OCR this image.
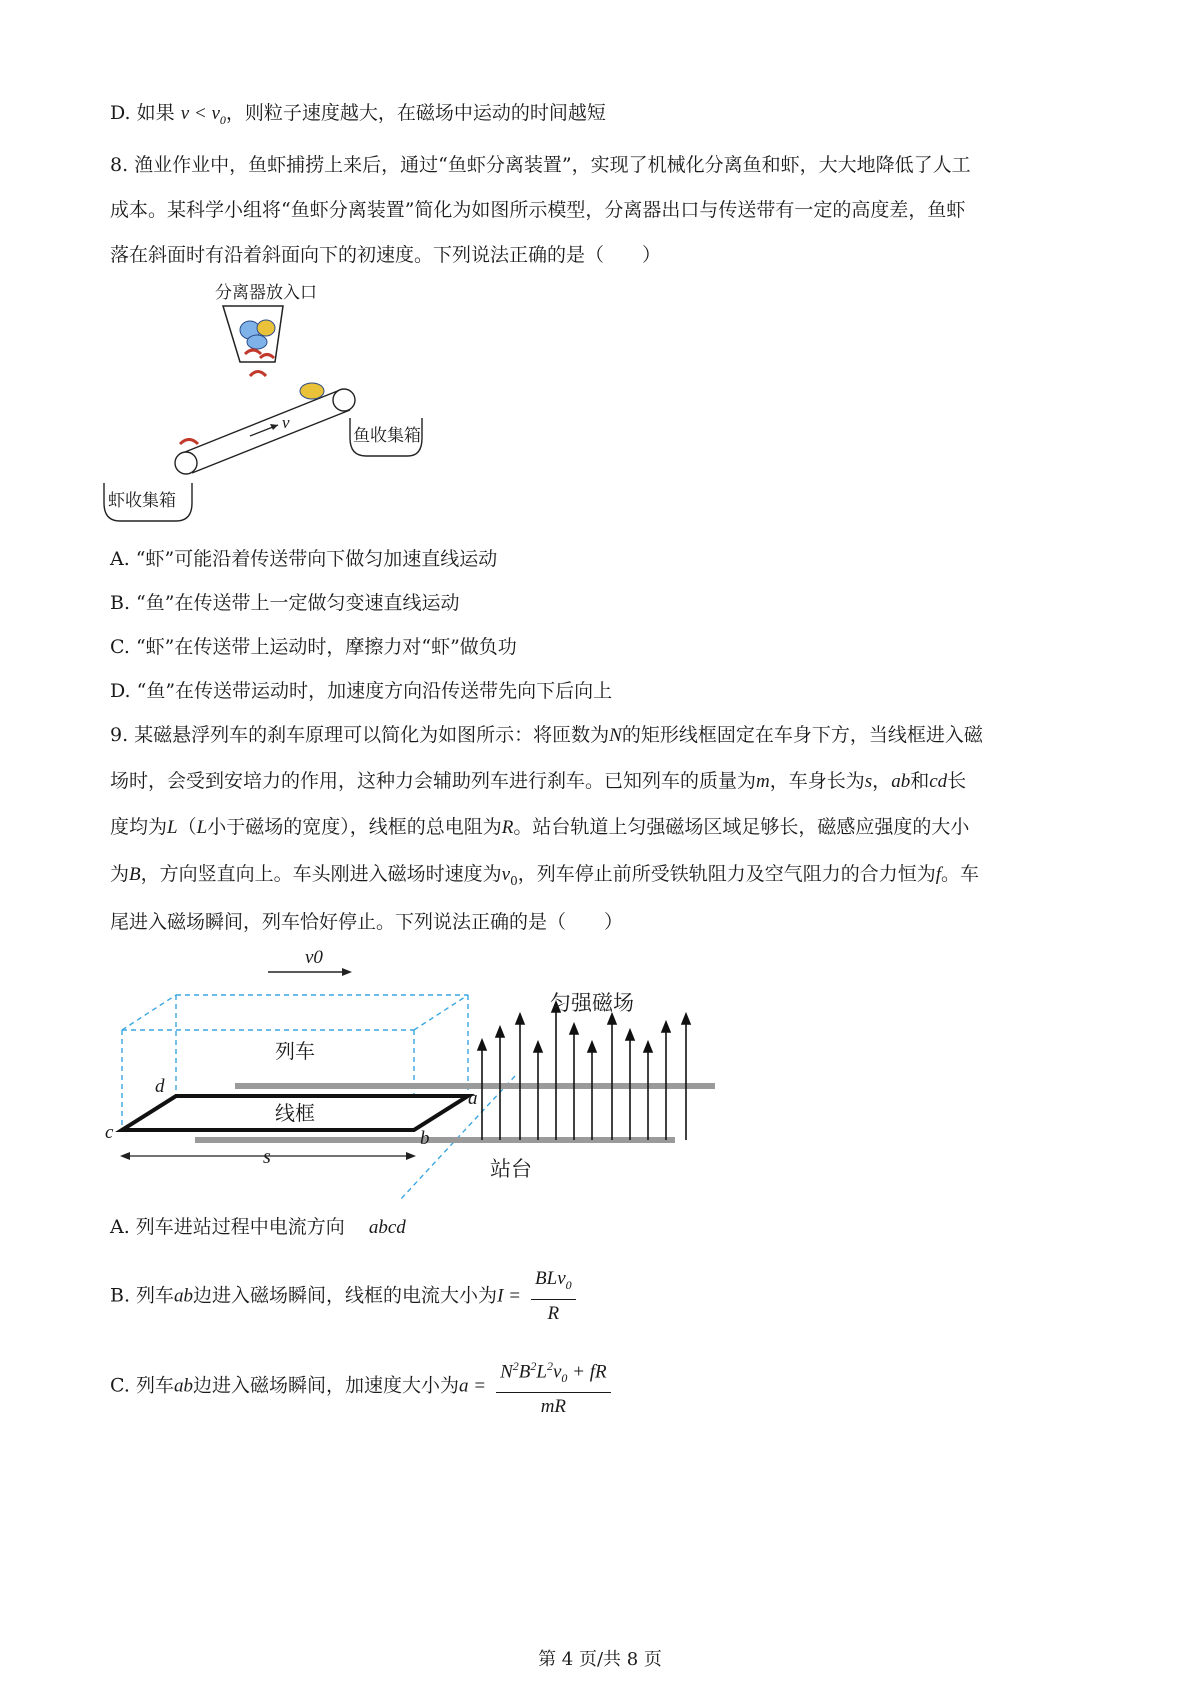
D. 如果 $v < v_0$，则粒子速度越大，在磁场中运动的时间越短
8. 渔业作业中，鱼虾捕捞上来后，通过“鱼虾分离装置”，实现了机械化分离鱼和虾，大大地降低了人工
成本。某科学小组将“鱼虾分离装置”简化为如图所示模型，分离器出口与传送带有一定的高度差，鱼虾
落在斜面时有沿着斜面向下的初速度。下列说法正确的是（　　）
分离器放入口
v
鱼收集箱
虾收集箱
A. “虾”可能沿着传送带向下做匀加速直线运动
B. “鱼”在传送带上一定做匀变速直线运动
C. “虾”在传送带上运动时，摩擦力对“虾”做负功
D. “鱼”在传送带运动时，加速度方向沿传送带先向下后向上
9. 某磁悬浮列车的刹车原理可以简化为如图所示：将匝数为N的矩形线框固定在车身下方，当线框进入磁
场时，会受到安培力的作用，这种力会辅助列车进行刹车。已知列车的质量为m，车身长为s，ab和cd长
度均为L（L小于磁场的宽度），线框的总电阻为R。站台轨道上匀强磁场区域足够长，磁感应强度的大小
为B，方向竖直向上。车头刚进入磁场时速度为$v_0$，列车停止前所受铁轨阻力及空气阻力的合力恒为f。车
尾进入磁场瞬间，列车恰好停止。下列说法正确的是（　　）
v0
列车
线框
d
c
a
b
s
匀强磁场
站台
A. 列车进站过程中电流方向 abcd
B. 列车ab边进入磁场瞬间，线框的电流大小为$I = \frac{BLv_0}{R}$
C. 列车ab边进入磁场瞬间，加速度大小为$a = \frac{N^2B^2L^2v_0 + fR}{mR}$
第 4 页/共 8 页
